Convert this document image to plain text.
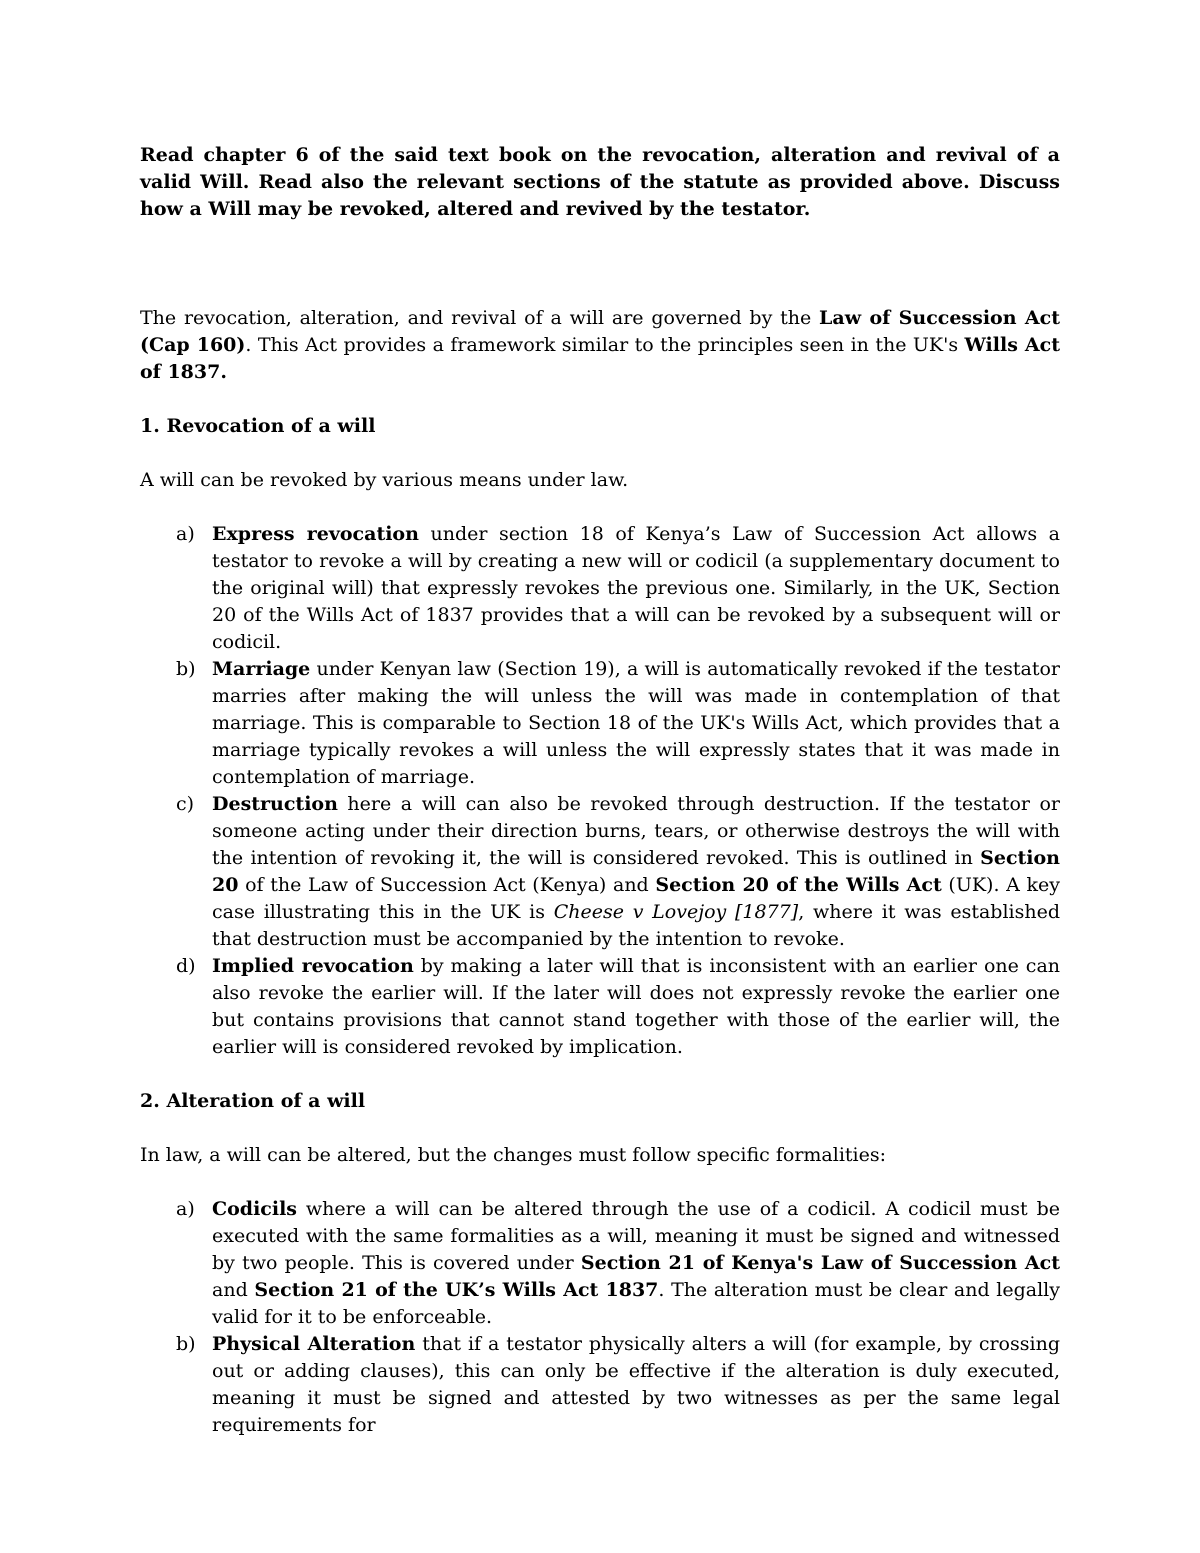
Read chapter 6 of the said text book on the revocation, alteration and revival of a valid Will. Read also the relevant sections of the statute as provided above. Discuss how a Will may be revoked, altered and revived by the testator.

The revocation, alteration, and revival of a will are governed by the Law of Succession Act (Cap 160). This Act provides a framework similar to the principles seen in the UK's Wills Act of 1837.

1. Revocation of a will

A will can be revoked by various means under law.

a) Express revocation under section 18 of Kenya’s Law of Succession Act allows a testator to revoke a will by creating a new will or codicil (a supplementary document to the original will) that expressly revokes the previous one. Similarly, in the UK, Section 20 of the Wills Act of 1837 provides that a will can be revoked by a subsequent will or codicil.
b) Marriage under Kenyan law (Section 19), a will is automatically revoked if the testator marries after making the will unless the will was made in contemplation of that marriage. This is comparable to Section 18 of the UK's Wills Act, which provides that a marriage typically revokes a will unless the will expressly states that it was made in contemplation of marriage.
c) Destruction here a will can also be revoked through destruction. If the testator or someone acting under their direction burns, tears, or otherwise destroys the will with the intention of revoking it, the will is considered revoked. This is outlined in Section 20 of the Law of Succession Act (Kenya) and Section 20 of the Wills Act (UK). A key case illustrating this in the UK is Cheese v Lovejoy [1877], where it was established that destruction must be accompanied by the intention to revoke.
d) Implied revocation by making a later will that is inconsistent with an earlier one can also revoke the earlier will. If the later will does not expressly revoke the earlier one but contains provisions that cannot stand together with those of the earlier will, the earlier will is considered revoked by implication.

2. Alteration of a will

In law, a will can be altered, but the changes must follow specific formalities:

a) Codicils where a will can be altered through the use of a codicil. A codicil must be executed with the same formalities as a will, meaning it must be signed and witnessed by two people. This is covered under Section 21 of Kenya's Law of Succession Act and Section 21 of the UK’s Wills Act 1837. The alteration must be clear and legally valid for it to be enforceable.
b) Physical Alteration that if a testator physically alters a will (for example, by crossing out or adding clauses), this can only be effective if the alteration is duly executed, meaning it must be signed and attested by two witnesses as per the same legal requirements for
